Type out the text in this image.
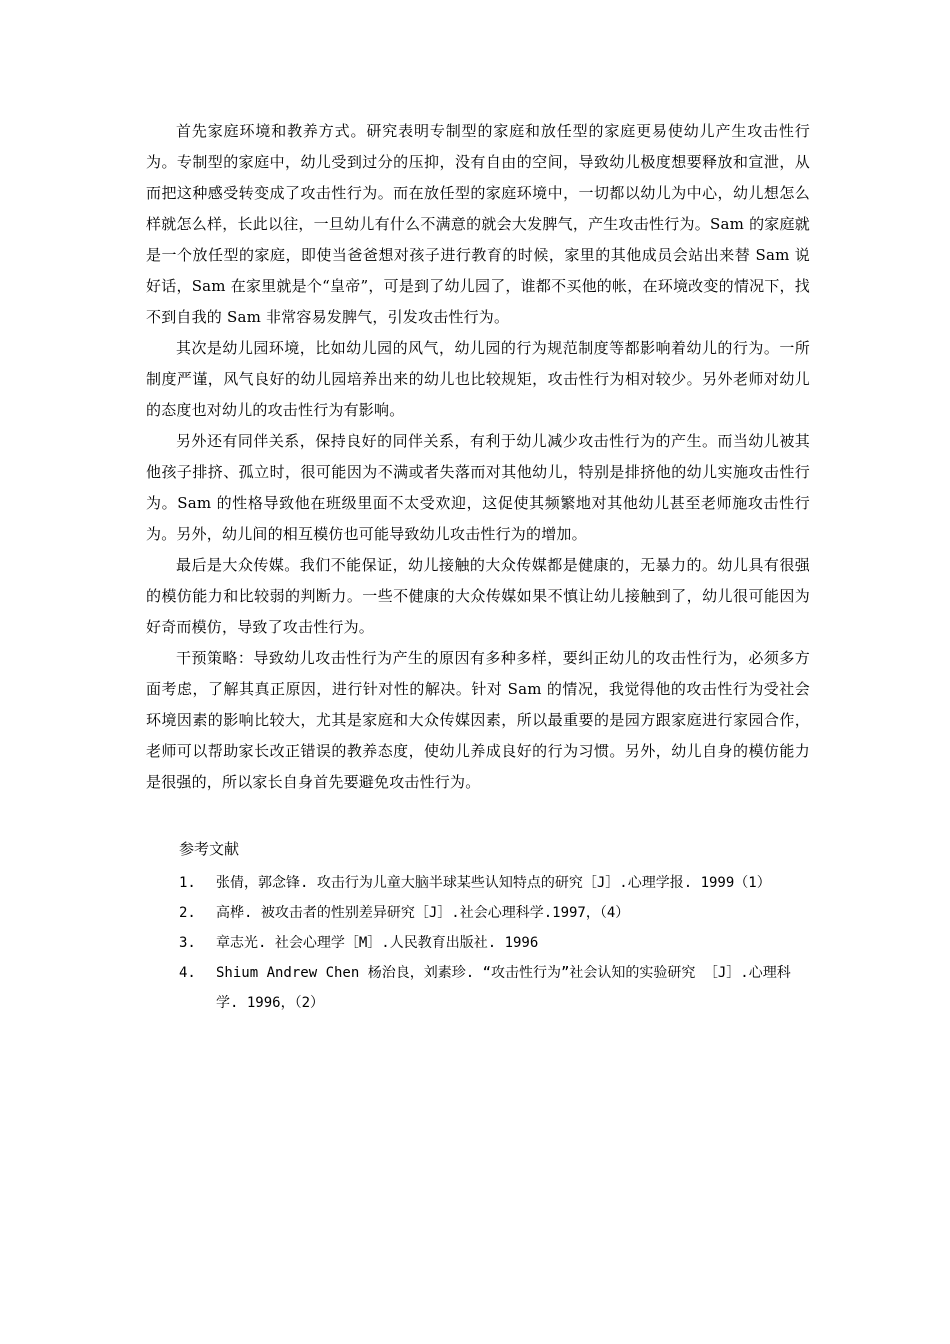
首先家庭环境和教养方式。研究表明专制型的家庭和放任型的家庭更易使幼儿产生攻击性行为。专制型的家庭中，幼儿受到过分的压抑，没有自由的空间，导致幼儿极度想要释放和宣泄，从而把这种感受转变成了攻击性行为。而在放任型的家庭环境中，一切都以幼儿为中心，幼儿想怎么样就怎么样，长此以往，一旦幼儿有什么不满意的就会大发脾气，产生攻击性行为。Sam 的家庭就是一个放任型的家庭，即使当爸爸想对孩子进行教育的时候，家里的其他成员会站出来替 Sam 说好话，Sam 在家里就是个“皇帝”，可是到了幼儿园了，谁都不买他的帐，在环境改变的情况下，找不到自我的 Sam 非常容易发脾气，引发攻击性行为。

其次是幼儿园环境，比如幼儿园的风气，幼儿园的行为规范制度等都影响着幼儿的行为。一所制度严谨，风气良好的幼儿园培养出来的幼儿也比较规矩，攻击性行为相对较少。另外老师对幼儿的态度也对幼儿的攻击性行为有影响。

另外还有同伴关系，保持良好的同伴关系，有利于幼儿减少攻击性行为的产生。而当幼儿被其他孩子排挤、孤立时，很可能因为不满或者失落而对其他幼儿，特别是排挤他的幼儿实施攻击性行为。Sam 的性格导致他在班级里面不太受欢迎，这促使其频繁地对其他幼儿甚至老师施攻击性行为。另外，幼儿间的相互模仿也可能导致幼儿攻击性行为的增加。

最后是大众传媒。我们不能保证，幼儿接触的大众传媒都是健康的，无暴力的。幼儿具有很强的模仿能力和比较弱的判断力。一些不健康的大众传媒如果不慎让幼儿接触到了，幼儿很可能因为好奇而模仿，导致了攻击性行为。

干预策略：导致幼儿攻击性行为产生的原因有多种多样，要纠正幼儿的攻击性行为，必须多方面考虑，了解其真正原因，进行针对性的解决。针对 Sam 的情况，我觉得他的攻击性行为受社会环境因素的影响比较大，尤其是家庭和大众传媒因素，所以最重要的是园方跟家庭进行家园合作，老师可以帮助家长改正错误的教养态度，使幼儿养成良好的行为习惯。另外，幼儿自身的模仿能力是很强的，所以家长自身首先要避免攻击性行为。

参考文献
1.	张倩，郭念锋. 攻击行为儿童大脑半球某些认知特点的研究［J］.心理学报. 1999（1）
2.	高桦. 被攻击者的性别差异研究［J］.社会心理科学.1997，（4）
3.	章志光. 社会心理学［M］.人民教育出版社. 1996
4.	Shium Andrew Chen 杨治良，刘素珍. “攻击性行为”社会认知的实验研究 ［J］.心理科学. 1996，（2）
